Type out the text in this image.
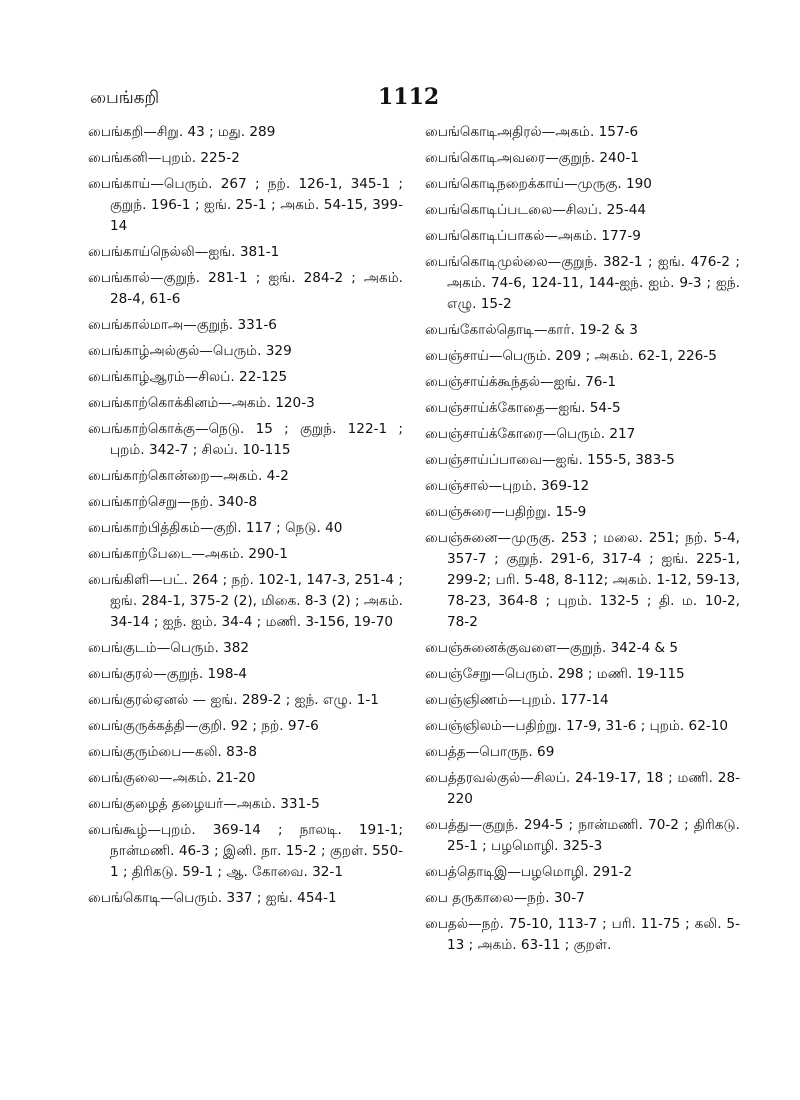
பைங்கறி	1112

பைங்கறி—சிறு. 43 ; மது. 289

பைங்கனி—புறம். 225-2

பைங்காய்—பெரும். 267 ; நற். 126-1, 345-1 ; குறுந். 196-1 ; ஐங். 25-1 ; அகம். 54-15, 399-14

பைங்காய்நெல்லி—ஐங். 381-1

பைங்கால்—குறுந். 281-1 ; ஐங். 284-2 ; அகம். 28-4, 61-6

பைங்கால்மாஅ—குறுந். 331-6

பைங்காழ்அல்குல்—பெரும். 329

பைங்காழ்ஆரம்—சிலப். 22-125

பைங்காற்கொக்கினம்—அகம். 120-3

பைங்காற்கொக்கு—நெடு. 15 ; குறுந். 122-1 ; புறம். 342-7 ; சிலப். 10-115

பைங்காற்கொன்றை—அகம். 4-2

பைங்காற்செறு—நற். 340-8

பைங்காற்பித்திகம்—குறி. 117 ; நெடு. 40

பைங்காற்பேடை—அகம். 290-1

பைங்கிளி—பட். 264 ; நற். 102-1, 147-3, 251-4 ; ஐங். 284-1, 375-2 (2), மிகை. 8-3 (2) ; அகம். 34-14 ; ஐந். ஐம். 34-4 ; மணி. 3-156, 19-70

பைங்குடம்—பெரும். 382

பைங்குரல்—குறுந். 198-4

பைங்குரல்ஏனல் — ஐங். 289-2 ; ஐந். எழு. 1-1

பைங்குருக்கத்தி—குறி. 92 ; நற். 97-6

பைங்குரும்பை—கலி. 83-8

பைங்குலை—அகம். 21-20

பைங்குழைத் தழையர்—அகம். 331-5

பைங்கூழ்—புறம். 369-14 ; நாலடி. 191-1; நான்மணி. 46-3 ; இனி. நா. 15-2 ; குறள். 550-1 ; திரிகடு. 59-1 ; ஆ. கோவை. 32-1

பைங்கொடி—பெரும். 337 ; ஐங். 454-1

பைங்கொடிஅதிரல்—அகம். 157-6

பைங்கொடிஅவரை—குறுந். 240-1

பைங்கொடிநறைக்காய்—முருகு. 190

பைங்கொடிப்படலை—சிலப். 25-44

பைங்கொடிப்பாகல்—அகம். 177-9

பைங்கொடிமுல்லை—குறுந். 382-1 ; ஐங். 476-2 ; அகம். 74-6, 124-11, 144-ஐந். ஐம். 9-3 ; ஐந். எழு. 15-2

பைங்கோல்தொடி—கார். 19-2 & 3

பைஞ்சாய்—பெரும். 209 ; அகம். 62-1, 226-5

பைஞ்சாய்க்கூந்தல்—ஐங். 76-1

பைஞ்சாய்க்கோதை—ஐங். 54-5

பைஞ்சாய்க்கோரை—பெரும். 217

பைஞ்சாய்ப்பாவை—ஐங். 155-5, 383-5

பைஞ்சால்—புறம். 369-12

பைஞ்சுரை—பதிற்று. 15-9

பைஞ்சுனை—முருகு. 253 ; மலை. 251; நற். 5-4, 357-7 ; குறுந். 291-6, 317-4 ; ஐங். 225-1, 299-2; பரி. 5-48, 8-112; அகம். 1-12, 59-13, 78-23, 364-8 ; புறம். 132-5 ; தி. ம. 10-2, 78-2

பைஞ்சுனைக்குவளை—குறுந். 342-4 & 5

பைஞ்சேறு—பெரும். 298 ; மணி. 19-115

பைஞ்ஞிணம்—புறம். 177-14

பைஞ்ஞிலம்—பதிற்று. 17-9, 31-6 ; புறம். 62-10

பைத்த—பொருந. 69

பைத்தரவல்குல்—சிலப். 24-19-17, 18 ; மணி. 28-220

பைத்து—குறுந். 294-5 ; நான்மணி. 70-2 ; திரிகடு. 25-1 ; பழமொழி. 325-3

பைத்தொடிஇ—பழமொழி. 291-2

பை தருகாலை—நற். 30-7

பைதல்—நற். 75-10, 113-7 ; பரி. 11-75 ; கலி. 5-13 ; அகம். 63-11 ; குறள்.
